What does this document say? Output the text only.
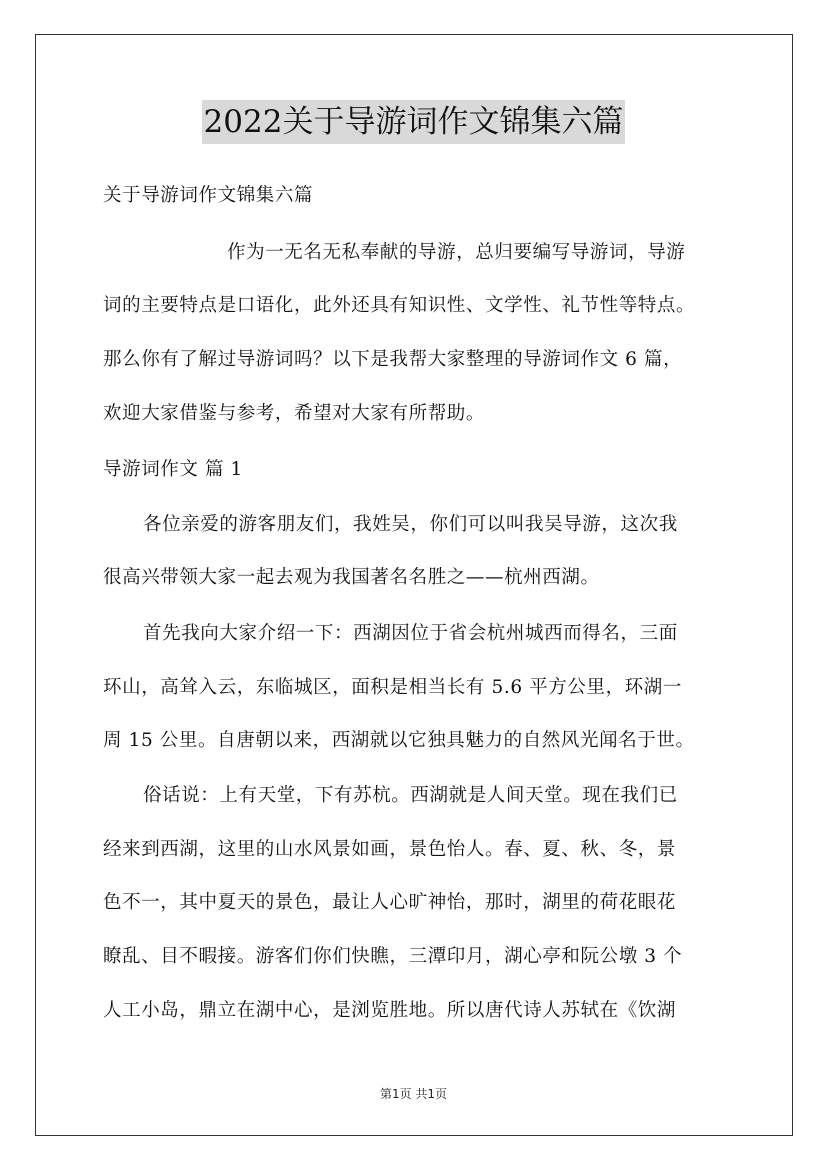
2022关于导游词作文锦集六篇
关于导游词作文锦集六篇
作为一无名无私奉献的导游，总归要编写导游词，导游
词的主要特点是口语化，此外还具有知识性、文学性、礼节性等特点。
那么你有了解过导游词吗？以下是我帮大家整理的导游词作文 6 篇，
欢迎大家借鉴与参考，希望对大家有所帮助。
导游词作文 篇 1
各位亲爱的游客朋友们，我姓吴，你们可以叫我吴导游，这次我
很高兴带领大家一起去观为我国著名名胜之——杭州西湖。
首先我向大家介绍一下：西湖因位于省会杭州城西而得名，三面
环山，高耸入云，东临城区，面积是相当长有 5.6 平方公里，环湖一
周 15 公里。自唐朝以来，西湖就以它独具魅力的自然风光闻名于世。
俗话说：上有天堂，下有苏杭。西湖就是人间天堂。现在我们已
经来到西湖，这里的山水风景如画，景色怡人。春、夏、秋、冬，景
色不一，其中夏天的景色，最让人心旷神怡，那时，湖里的荷花眼花
瞭乱、目不暇接。游客们你们快瞧，三潭印月，湖心亭和阮公墩 3 个
人工小岛，鼎立在湖中心，是浏览胜地。所以唐代诗人苏轼在《饮湖
第1页 共1页
